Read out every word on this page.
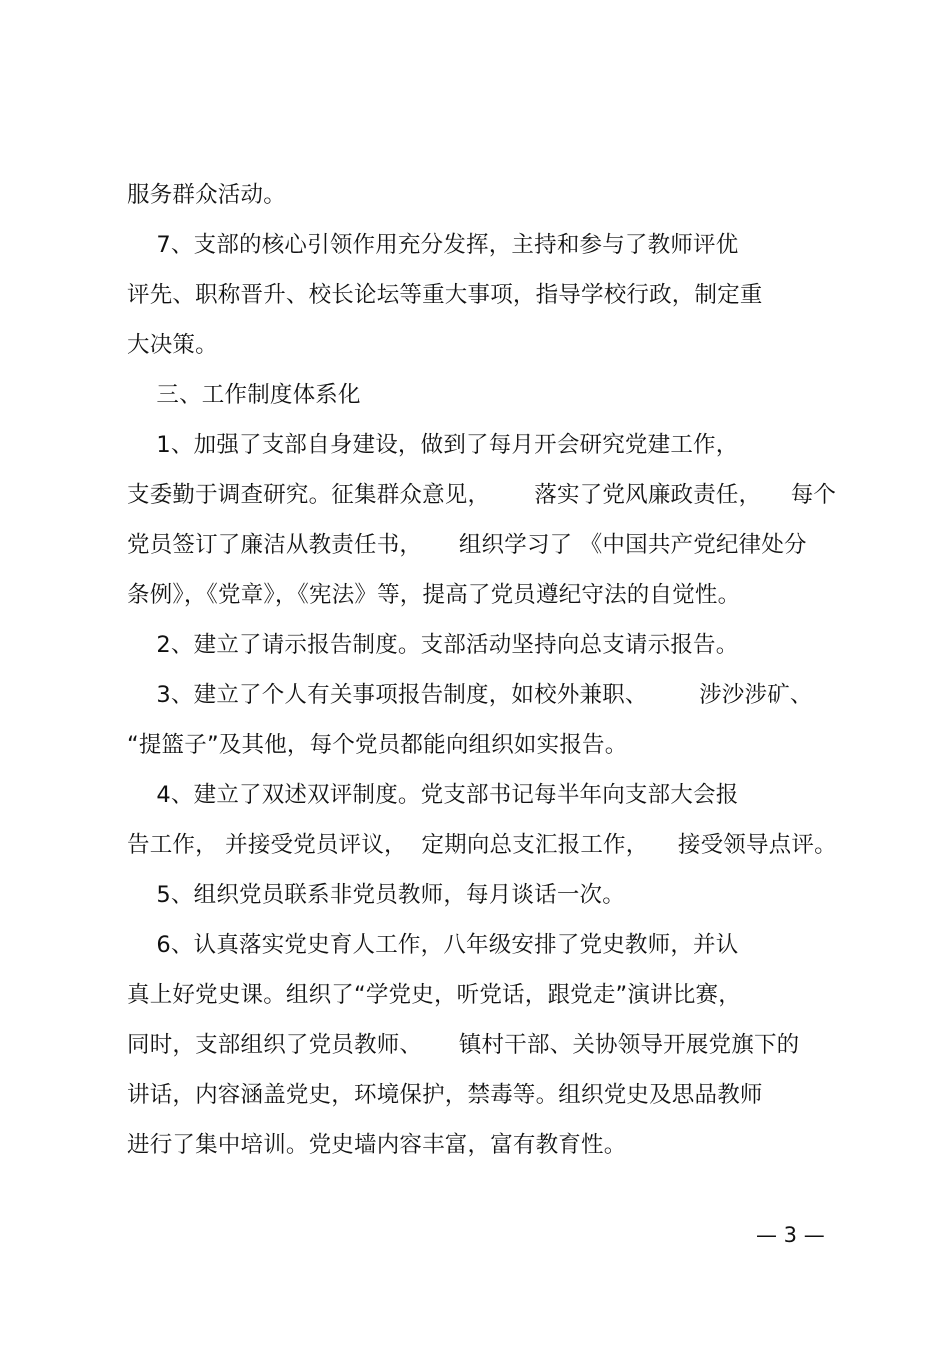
服务群众活动。
7、支部的核心引领作用充分发挥，主持和参与了教师评优
评先、职称晋升、校长论坛等重大事项，指导学校行政，制定重
大决策。
三、工作制度体系化
1、加强了支部自身建设，做到了每月开会研究党建工作，
支委勤于调查研究。征集群众意见，      落实了党风廉政责任，    每个
党员签订了廉洁从教责任书，     组织学习了 《中国共产党纪律处分
条例》，《党章》，《宪法》等，提高了党员遵纪守法的自觉性。
2、建立了请示报告制度。支部活动坚持向总支请示报告。
3、建立了个人有关事项报告制度，如校外兼职、       涉沙涉矿、
“提篮子”及其他，每个党员都能向组织如实报告。
4、建立了双述双评制度。党支部书记每半年向支部大会报
告工作， 并接受党员评议，  定期向总支汇报工作，    接受领导点评。
5、组织党员联系非党员教师，每月谈话一次。
6、认真落实党史育人工作，八年级安排了党史教师，并认
真上好党史课。组织了“学党史，听党话，跟党走”演讲比赛，
同时，支部组织了党员教师、     镇村干部、关协领导开展党旗下的
讲话，内容涵盖党史，环境保护，禁毒等。组织党史及思品教师
进行了集中培训。党史墙内容丰富，富有教育性。
— 3 —
